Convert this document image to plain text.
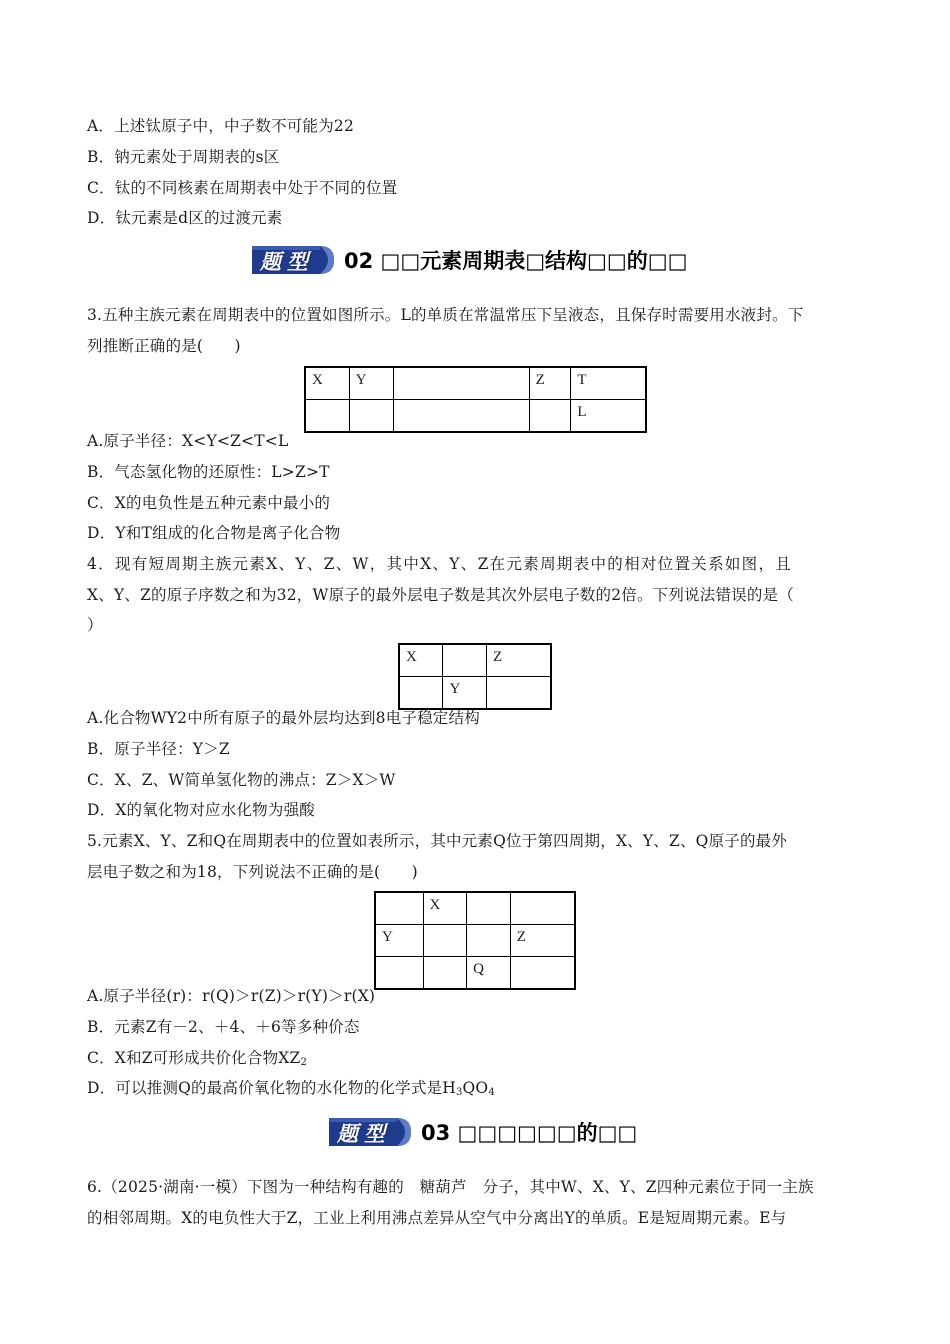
A．上述钛原子中，中子数不可能为22
B．钠元素处于周期表的s区
C．钛的不同核素在周期表中处于不同的位置
D．钛元素是d区的过渡元素
题型 02 □□元素周期表□结构□□的□□
3.五种主族元素在周期表中的位置如图所示。L的单质在常温常压下呈液态，且保存时需要用水液封。下
列推断正确的是(　　)
X	Y		Z	T
				L
A.原子半径：X<Y<Z<T<L
B．气态氢化物的还原性：L>Z>T
C．X的电负性是五种元素中最小的
D．Y和T组成的化合物是离子化合物
4．现有短周期主族元素X、Y、Z、W，其中X、Y、Z在元素周期表中的相对位置关系如图，且
X、Y、Z的原子序数之和为32，W原子的最外层电子数是其次外层电子数的2倍。下列说法错误的是（
）
X		Z
	Y	
A.化合物WY2中所有原子的最外层均达到8电子稳定结构
B．原子半径：Y＞Z
C．X、Z、W简单氢化物的沸点：Z＞X＞W
D．X的氧化物对应水化物为强酸
5.元素X、Y、Z和Q在周期表中的位置如表所示，其中元素Q位于第四周期，X、Y、Z、Q原子的最外
层电子数之和为18，下列说法不正确的是(　　)
	X		
Y			Z
		Q	
A.原子半径(r)：r(Q)＞r(Z)＞r(Y)＞r(X)
B．元素Z有－2、＋4、＋6等多种价态
C．X和Z可形成共价化合物$XZ_2$
D．可以推测Q的最高价氧化物的水化物的化学式是$H_3QO_4$
题型 03 □□□□□□的□□
6.（2025·湖南·一模）下图为一种结构有趣的　糖葫芦　分子，其中W、X、Y、Z四种元素位于同一主族
的相邻周期。X的电负性大于Z，工业上利用沸点差异从空气中分离出Y的单质。E是短周期元素。E与
